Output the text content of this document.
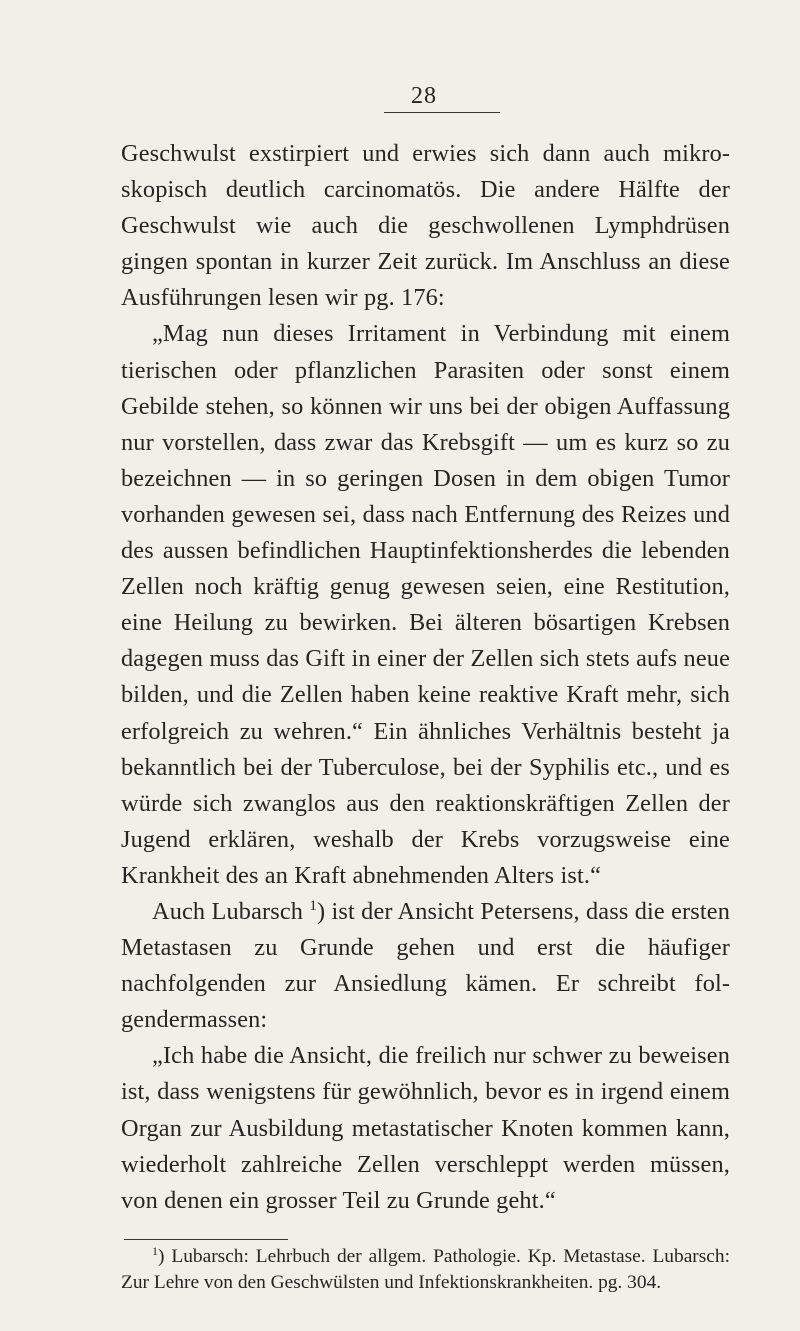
28

Geschwulst exstirpiert und erwies sich dann auch mikroskopisch deutlich carcinomatös. Die andere Hälfte der Geschwulst wie auch die geschwollenen Lymphdrüsen gingen spontan in kurzer Zeit zurück. Im Anschluss an diese Ausführungen lesen wir pg. 176:

„Mag nun dieses Irritament in Verbindung mit einem tierischen oder pflanzlichen Parasiten oder sonst einem Gebilde stehen, so können wir uns bei der obigen Auffassung nur vorstellen, dass zwar das Krebsgift — um es kurz so zu bezeichnen — in so geringen Dosen in dem obigen Tumor vorhanden gewesen sei, dass nach Entfernung des Reizes und des aussen befindlichen Hauptinfektionsherdes die lebenden Zellen noch kräftig genug gewesen seien, eine Restitution, eine Heilung zu bewirken. Bei älteren bösartigen Krebsen dagegen muss das Gift in einer der Zellen sich stets aufs neue bilden, und die Zellen haben keine reaktive Kraft mehr, sich erfolgreich zu wehren.“ Ein ähnliches Verhältnis besteht ja bekanntlich bei der Tuberculose, bei der Syphilis etc., und es würde sich zwanglos aus den reaktionskräftigen Zellen der Jugend erklären, weshalb der Krebs vorzugsweise eine Krankheit des an Kraft abnehmenden Alters ist.“

Auch Lubarsch $^1$) ist der Ansicht Petersens, dass die ersten Metastasen zu Grunde gehen und erst die häufiger nachfolgenden zur Ansiedlung kämen. Er schreibt folgendermassen:

„Ich habe die Ansicht, die freilich nur schwer zu beweisen ist, dass wenigstens für gewöhnlich, bevor es in irgend einem Organ zur Ausbildung metastatischer Knoten kommen kann, wiederholt zahlreiche Zellen verschleppt werden müssen, von denen ein grosser Teil zu Grunde geht.“

$^1$) Lubarsch: Lehrbuch der allgem. Pathologie. Kp. Metastase. Lubarsch: Zur Lehre von den Geschwülsten und Infektionskrankheiten. pg. 304.
